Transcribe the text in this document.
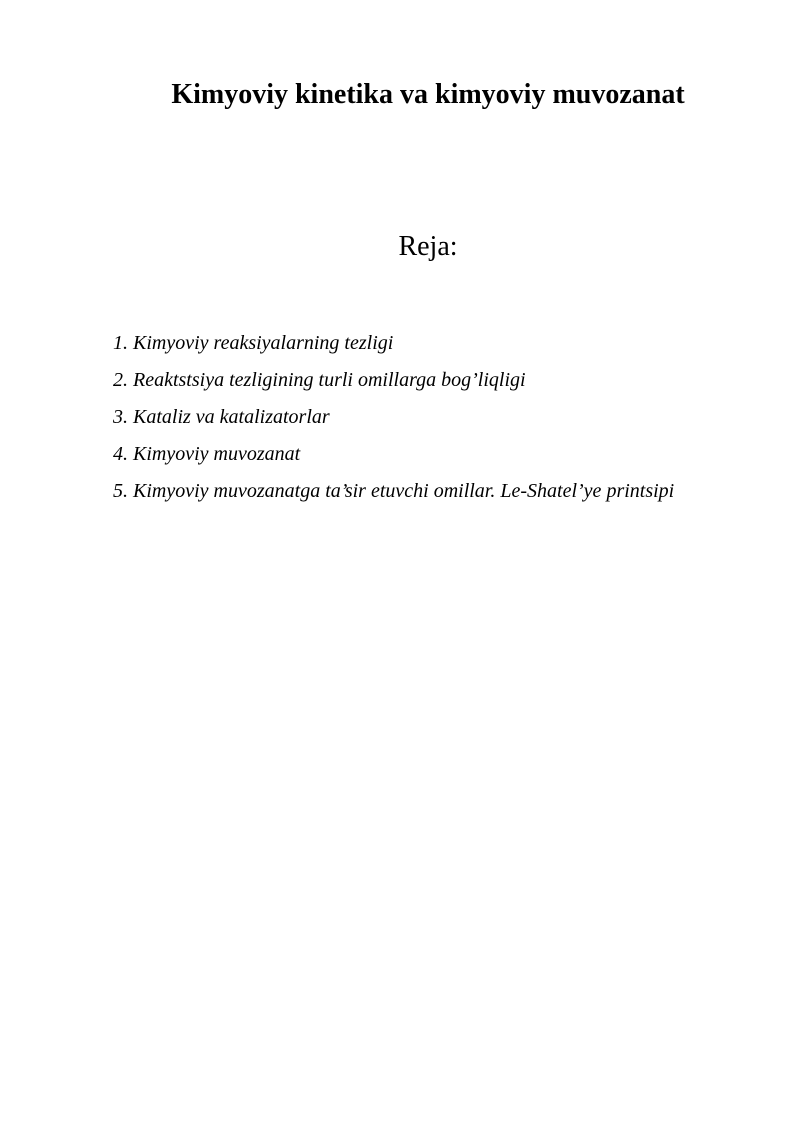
Kimyoviy kinetika va kimyoviy muvozanat
Reja:
1. Kimyoviy reaksiyalarning tezligi
2. Reaktstsiya tezligining turli omillarga bog’liqligi
3. Kataliz va katalizatorlar
4. Kimyoviy muvozanat
5. Kimyoviy muvozanatga ta’sir etuvchi omillar. Le-Shatel’ye printsipi
